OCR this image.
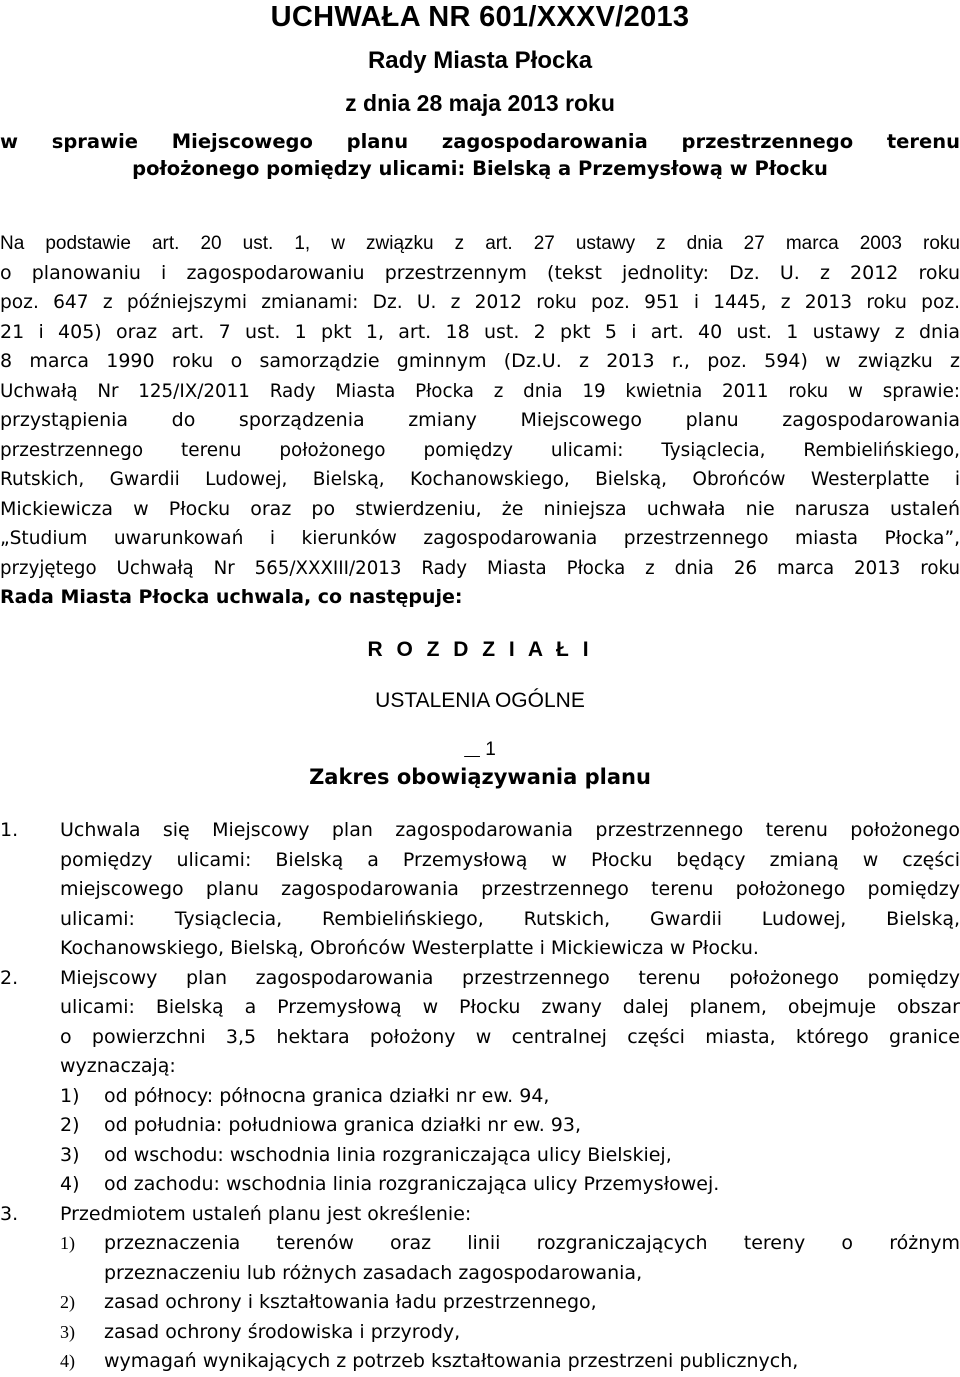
UCHWAŁA NR 601/XXXV/2013
Rady Miasta Płocka
z dnia 28 maja 2013 roku
w sprawie Miejscowego planu zagospodarowania przestrzennego terenu
położonego pomiędzy ulicami: Bielską a Przemysłową w Płocku
Na podstawie art. 20 ust. 1, w związku z art. 27 ustawy z dnia 27 marca 2003 roku
o planowaniu i zagospodarowaniu przestrzennym (tekst jednolity: Dz. U. z 2012 roku
poz. 647 z późniejszymi zmianami: Dz. U. z 2012 roku poz. 951 i 1445, z 2013 roku poz.
21 i 405) oraz art. 7 ust. 1 pkt 1, art. 18 ust. 2 pkt 5 i art. 40 ust. 1 ustawy z dnia
8 marca 1990 roku o samorządzie gminnym (Dz.U. z 2013 r., poz. 594) w związku z
Uchwałą Nr 125/IX/2011 Rady Miasta Płocka z dnia 19 kwietnia 2011 roku w sprawie:
przystąpienia do sporządzenia zmiany Miejscowego planu zagospodarowania
przestrzennego terenu położonego pomiędzy ulicami: Tysiąclecia, Rembielińskiego,
Rutskich, Gwardii Ludowej, Bielską, Kochanowskiego, Bielską, Obrońców Westerplatte i
Mickiewicza w Płocku oraz po stwierdzeniu, że niniejsza uchwała nie narusza ustaleń
„Studium uwarunkowań i kierunków zagospodarowania przestrzennego miasta Płocka”,
przyjętego Uchwałą Nr 565/XXXIII/2013 Rady Miasta Płocka z dnia 26 marca 2013 roku
Rada Miasta Płocka uchwala, co następuje:
R O Z D Z I A Ł I
USTALENIA OGÓLNE
1
Zakres obowiązywania planu
1. Uchwala się Miejscowy plan zagospodarowania przestrzennego terenu położonego
pomiędzy ulicami: Bielską a Przemysłową w Płocku będący zmianą w części
miejscowego planu zagospodarowania przestrzennego terenu położonego pomiędzy
ulicami: Tysiąclecia, Rembielińskiego, Rutskich, Gwardii Ludowej, Bielską,
Kochanowskiego, Bielską, Obrońców Westerplatte i Mickiewicza w Płocku.
2. Miejscowy plan zagospodarowania przestrzennego terenu położonego pomiędzy
ulicami: Bielską a Przemysłową w Płocku zwany dalej planem, obejmuje obszar
o powierzchni 3,5 hektara położony w centralnej części miasta, którego granice
wyznaczają:
1) od północy: północna granica działki nr ew. 94,
2) od południa: południowa granica działki nr ew. 93,
3) od wschodu: wschodnia linia rozgraniczająca ulicy Bielskiej,
4) od zachodu: wschodnia linia rozgraniczająca ulicy Przemysłowej.
3. Przedmiotem ustaleń planu jest określenie:
1) przeznaczenia terenów oraz linii rozgraniczających tereny o różnym
przeznaczeniu lub różnych zasadach zagospodarowania,
2) zasad ochrony i kształtowania ładu przestrzennego,
3) zasad ochrony środowiska i przyrody,
4) wymagań wynikających z potrzeb kształtowania przestrzeni publicznych,
